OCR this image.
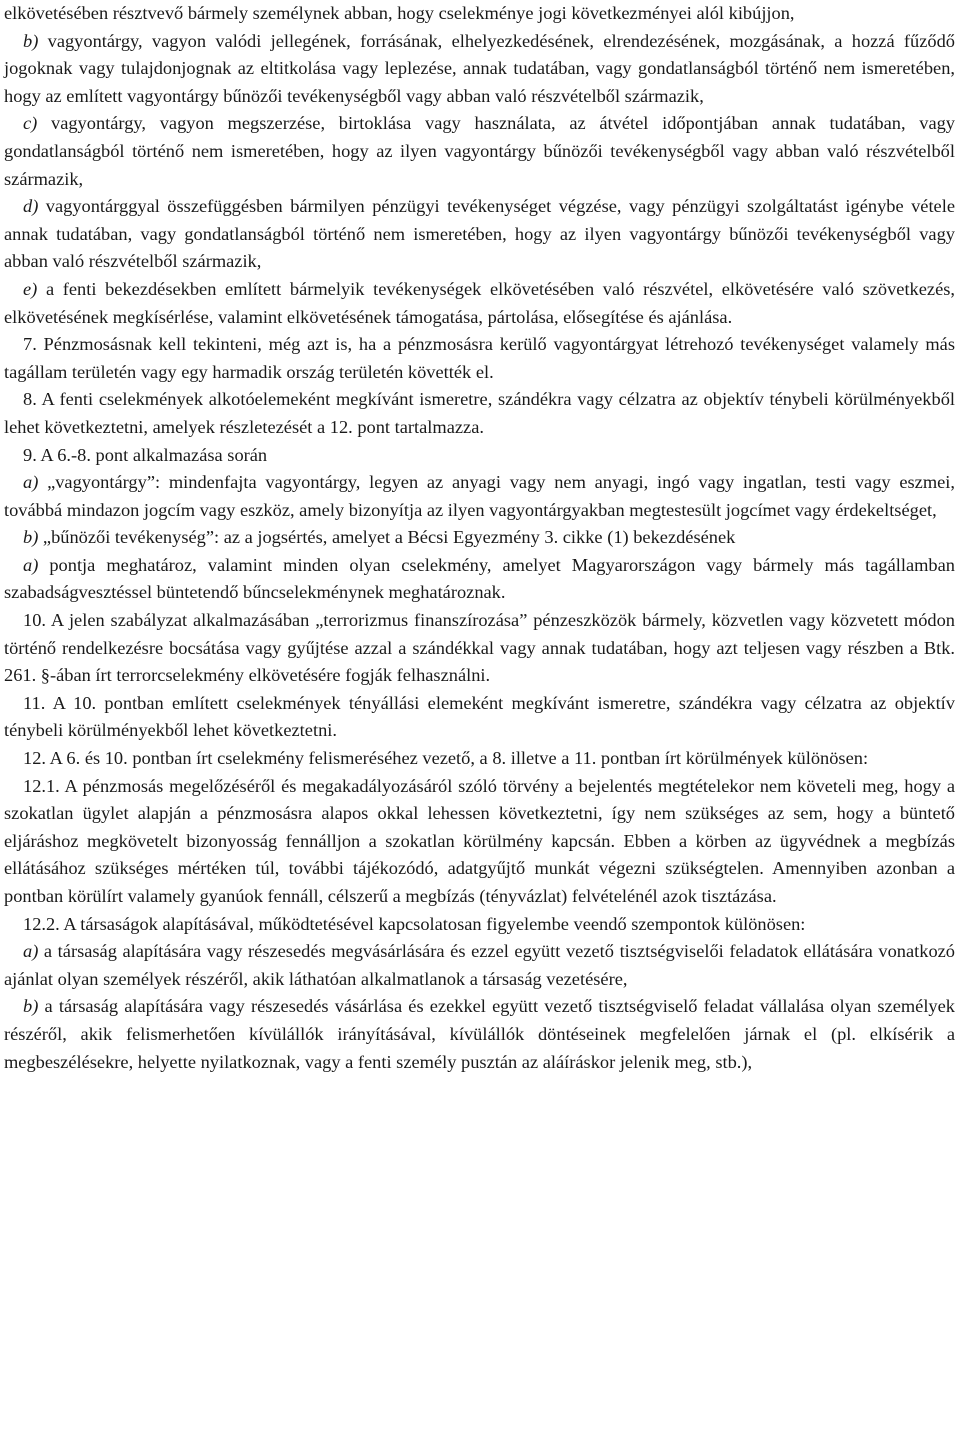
elkövetésében résztvevő bármely személynek abban, hogy cselekménye jogi következményei alól kibújjon,

b) vagyontárgy, vagyon valódi jellegének, forrásának, elhelyezkedésének, elrendezésének, mozgásának, a hozzá fűződő jogoknak vagy tulajdonjognak az eltitkolása vagy leplezése, annak tudatában, vagy gondatlanságból történő nem ismeretében, hogy az említett vagyontárgy bűnözői tevékenységből vagy abban való részvételből származik,

c) vagyontárgy, vagyon megszerzése, birtoklása vagy használata, az átvétel időpontjában annak tudatában, vagy gondatlanságból történő nem ismeretében, hogy az ilyen vagyontárgy bűnözői tevékenységből vagy abban való részvételből származik,

d) vagyontárggyal összefüggésben bármilyen pénzügyi tevékenységet végzése, vagy pénzügyi szolgáltatást igénybe vétele annak tudatában, vagy gondatlanságból történő nem ismeretében, hogy az ilyen vagyontárgy bűnözői tevékenységből vagy abban való részvételből származik,

e) a fenti bekezdésekben említett bármelyik tevékenységek elkövetésében való részvétel, elkövetésére való szövetkezés, elkövetésének megkísérlése, valamint elkövetésének támogatása, pártolása, elősegítése és ajánlása.

7. Pénzmosásnak kell tekinteni, még azt is, ha a pénzmosásra kerülő vagyontárgyat létrehozó tevékenységet valamely más tagállam területén vagy egy harmadik ország területén követték el.

8. A fenti cselekmények alkotóelemeként megkívánt ismeretre, szándékra vagy célzatra az objektív ténybeli körülményekből lehet következtetni, amelyek részletezését a 12. pont tartalmazza.

9. A 6.-8. pont alkalmazása során

a) „vagyontárgy”: mindenfajta vagyontárgy, legyen az anyagi vagy nem anyagi, ingó vagy ingatlan, testi vagy eszmei, továbbá mindazon jogcím vagy eszköz, amely bizonyítja az ilyen vagyontárgyakban megtestesült jogcímet vagy érdekeltséget,

b) „bűnözői tevékenység”: az a jogsértés, amelyet a Bécsi Egyezmény 3. cikke (1) bekezdésének

a) pontja meghatároz, valamint minden olyan cselekmény, amelyet Magyarországon vagy bármely más tagállamban szabadságvesztéssel büntetendő bűncselekménynek meghatároznak.

10. A jelen szabályzat alkalmazásában „terrorizmus finanszírozása” pénzeszközök bármely, közvetlen vagy közvetett módon történő rendelkezésre bocsátása vagy gyűjtése azzal a szándékkal vagy annak tudatában, hogy azt teljesen vagy részben a Btk. 261. §-ában írt terrorcselekmény elkövetésére fogják felhasználni.

11. A 10. pontban említett cselekmények tényállási elemeként megkívánt ismeretre, szándékra vagy célzatra az objektív ténybeli körülményekből lehet következtetni.

12. A 6. és 10. pontban írt cselekmény felismeréséhez vezető, a 8. illetve a 11. pontban írt körülmények különösen:

12.1. A pénzmosás megelőzéséről és megakadályozásáról szóló törvény a bejelentés megtételekor nem követeli meg, hogy a szokatlan ügylet alapján a pénzmosásra alapos okkal lehessen következtetni, így nem szükséges az sem, hogy a büntető eljáráshoz megkövetelt bizonyosság fennálljon a szokatlan körülmény kapcsán. Ebben a körben az ügyvédnek a megbízás ellátásához szükséges mértéken túl, további tájékozódó, adatgyűjtő munkát végezni szükségtelen. Amennyiben azonban a pontban körülírt valamely gyanúok fennáll, célszerű a megbízás (tényvázlat) felvételénél azok tisztázása.

12.2. A társaságok alapításával, működtetésével kapcsolatosan figyelembe veendő szempontok különösen:

a) a társaság alapítására vagy részesedés megvásárlására és ezzel együtt vezető tisztségviselői feladatok ellátására vonatkozó ajánlat olyan személyek részéről, akik láthatóan alkalmatlanok a társaság vezetésére,

b) a társaság alapítására vagy részesedés vásárlása és ezekkel együtt vezető tisztségviselő feladat vállalása olyan személyek részéről, akik felismerhetően kívülállók irányításával, kívülállók döntéseinek megfelelően járnak el (pl. elkísérik a megbeszélésekre, helyette nyilatkoznak, vagy a fenti személy pusztán az aláíráskor jelenik meg, stb.),
